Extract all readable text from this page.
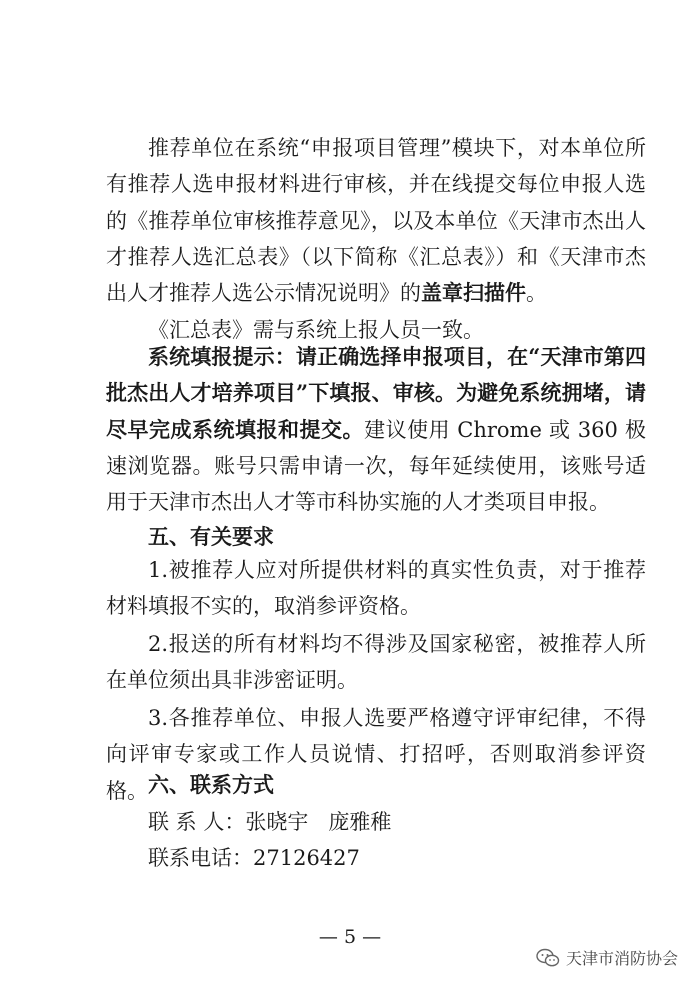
推荐单位在系统“申报项目管理”模块下，对本单位所有推荐人选申报材料进行审核，并在线提交每位申报人选的《推荐单位审核推荐意见》，以及本单位《天津市杰出人才推荐人选汇总表》（以下简称《汇总表》）和《天津市杰出人才推荐人选公示情况说明》的盖章扫描件。

《汇总表》需与系统上报人员一致。

系统填报提示：请正确选择申报项目，在“天津市第四批杰出人才培养项目”下填报、审核。为避免系统拥堵，请尽早完成系统填报和提交。建议使用 Chrome 或 360 极速浏览器。账号只需申请一次，每年延续使用，该账号适用于天津市杰出人才等市科协实施的人才类项目申报。

五、有关要求

1.被推荐人应对所提供材料的真实性负责，对于推荐材料填报不实的，取消参评资格。

2.报送的所有材料均不得涉及国家秘密，被推荐人所在单位须出具非涉密证明。

3.各推荐单位、申报人选要严格遵守评审纪律，不得向评审专家或工作人员说情、打招呼，否则取消参评资格。 六、联系方式

联 系 人：张晓宇 庞雅稚

联系电话：27126427

— 5 —
天津市消防协会
